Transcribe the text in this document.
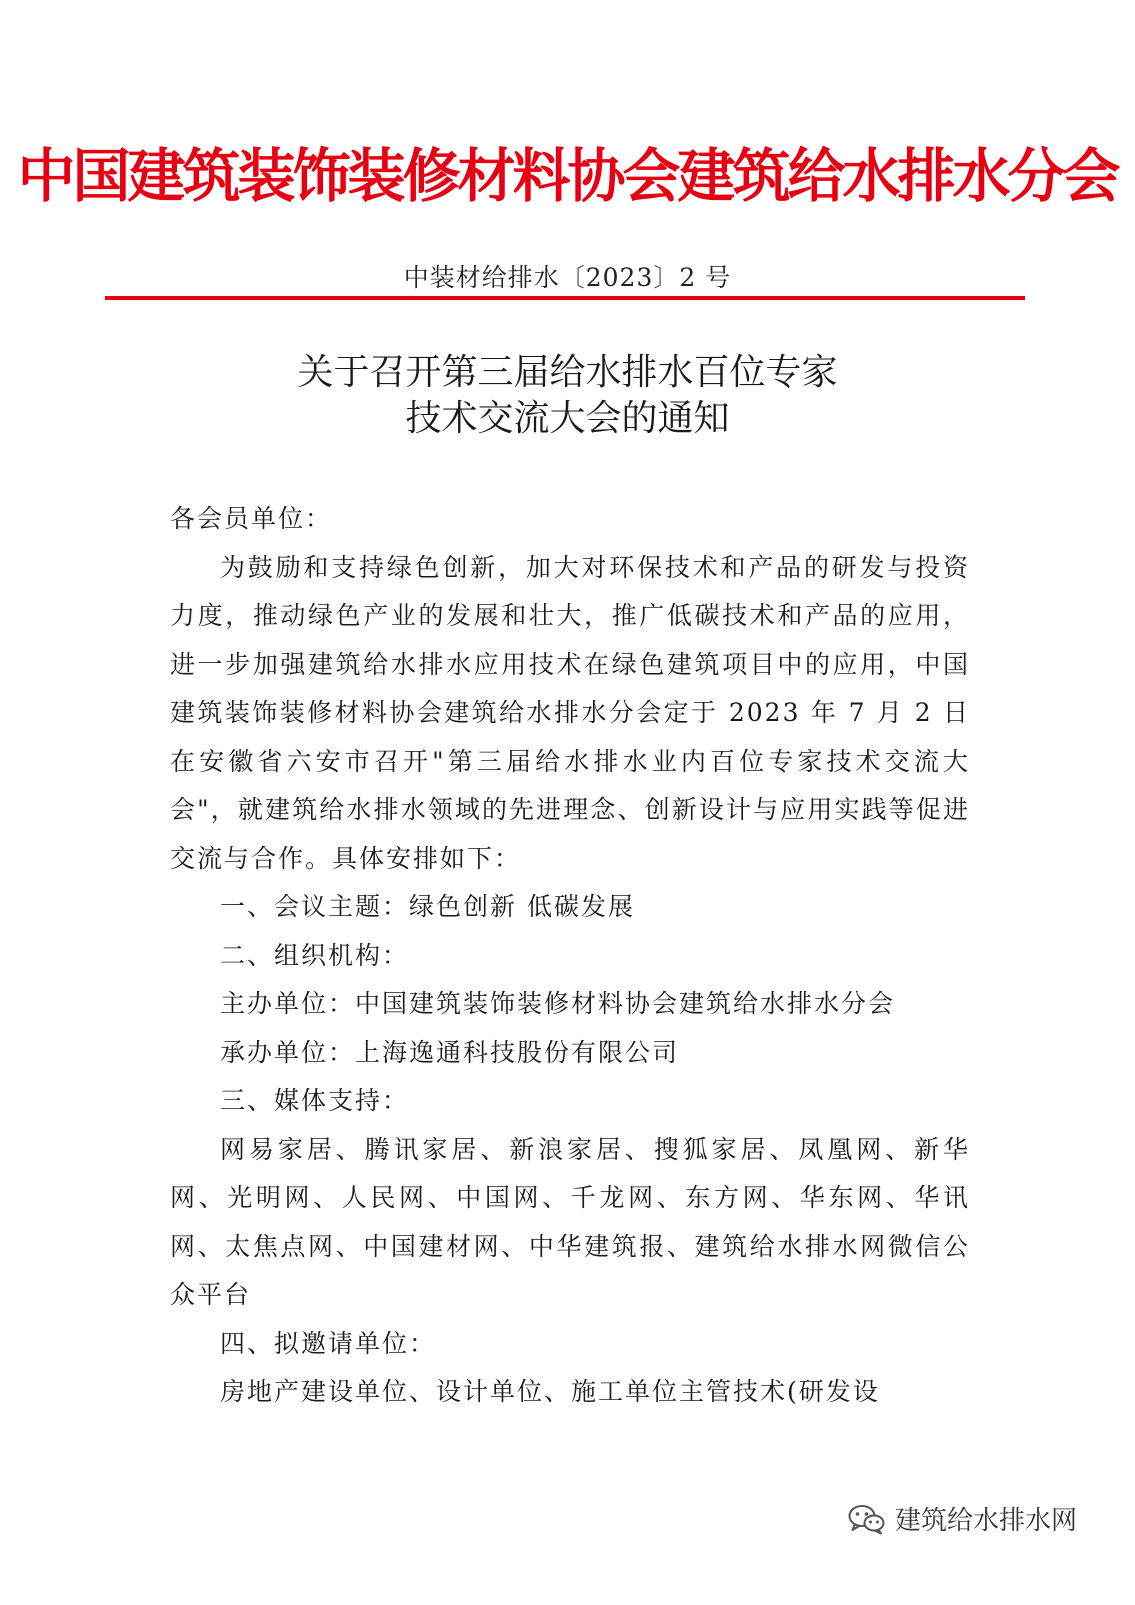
中国建筑装饰装修材料协会建筑给水排水分会
中装材给排水〔2023〕2 号
关于召开第三届给水排水百位专家
技术交流大会的通知

各会员单位：

为鼓励和支持绿色创新，加大对环保技术和产品的研发与投资力度，推动绿色产业的发展和壮大，推广低碳技术和产品的应用，进一步加强建筑给水排水应用技术在绿色建筑项目中的应用，中国建筑装饰装修材料协会建筑给水排水分会定于 2023 年 7 月 2 日在安徽省六安市召开"第三届给水排水业内百位专家技术交流大会"，就建筑给水排水领域的先进理念、创新设计与应用实践等促进交流与合作。具体安排如下：

一、会议主题：绿色创新 低碳发展

二、组织机构：

主办单位：中国建筑装饰装修材料协会建筑给水排水分会

承办单位：上海逸通科技股份有限公司

三、媒体支持：

网易家居、腾讯家居、新浪家居、搜狐家居、凤凰网、新华网、光明网、人民网、中国网、千龙网、东方网、华东网、华讯网、太焦点网、中国建材网、中华建筑报、建筑给水排水网微信公众平台

四、拟邀请单位：

房地产建设单位、设计单位、施工单位主管技术(研发设

建筑给水排水网
